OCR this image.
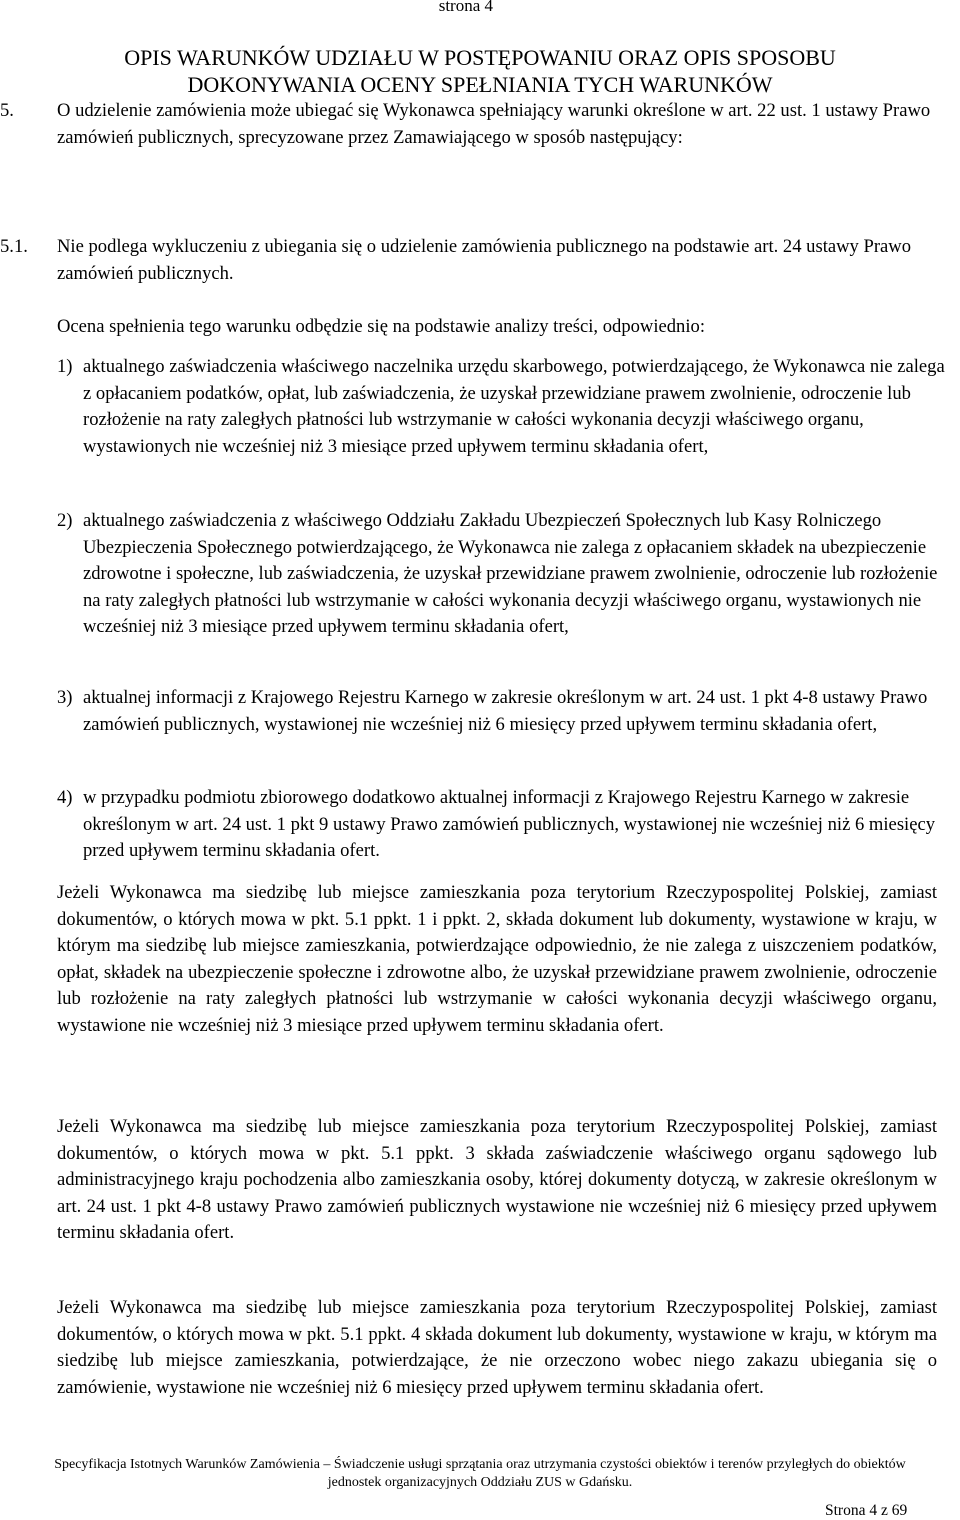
strona 4
OPIS WARUNKÓW UDZIAŁU W POSTĘPOWANIU ORAZ OPIS SPOSOBU
DOKONYWANIA OCENY SPEŁNIANIA TYCH WARUNKÓW
5.	O udzielenie zamówienia może ubiegać się Wykonawca spełniający warunki określone w art. 22 ust. 1 ustawy Prawo zamówień publicznych, sprecyzowane przez Zamawiającego w sposób następujący:
5.1.	Nie podlega wykluczeniu z ubiegania się o udzielenie zamówienia publicznego na podstawie art. 24 ustawy Prawo zamówień publicznych.
Ocena spełnienia tego warunku odbędzie się na podstawie analizy treści, odpowiednio:
1) aktualnego zaświadczenia właściwego naczelnika urzędu skarbowego, potwierdzającego, że Wykonawca nie zalega z opłacaniem podatków, opłat, lub zaświadczenia, że uzyskał przewidziane prawem zwolnienie, odroczenie lub rozłożenie na raty zaległych płatności lub wstrzymanie w całości wykonania decyzji właściwego organu, wystawionych nie wcześniej niż 3 miesiące przed upływem terminu składania ofert,
2) aktualnego zaświadczenia z właściwego Oddziału Zakładu Ubezpieczeń Społecznych lub Kasy Rolniczego Ubezpieczenia Społecznego potwierdzającego, że Wykonawca nie zalega z opłacaniem składek na ubezpieczenie zdrowotne i społeczne, lub zaświadczenia, że uzyskał przewidziane prawem zwolnienie, odroczenie lub rozłożenie na raty zaległych płatności lub wstrzymanie w całości wykonania decyzji właściwego organu, wystawionych nie wcześniej niż 3 miesiące przed upływem terminu składania ofert,
3) aktualnej informacji z Krajowego Rejestru Karnego w zakresie określonym w art. 24 ust. 1 pkt 4-8 ustawy Prawo zamówień publicznych, wystawionej nie wcześniej niż 6 miesięcy przed upływem terminu składania ofert,
4) w przypadku podmiotu zbiorowego dodatkowo aktualnej informacji z Krajowego Rejestru Karnego w zakresie określonym w art. 24 ust. 1 pkt 9 ustawy Prawo zamówień publicznych, wystawionej nie wcześniej niż 6 miesięcy przed upływem terminu składania ofert.
Jeżeli Wykonawca ma siedzibę lub miejsce zamieszkania poza terytorium Rzeczypospolitej Polskiej, zamiast dokumentów, o których mowa w pkt. 5.1 ppkt. 1 i ppkt. 2, składa dokument lub dokumenty, wystawione w kraju, w którym ma siedzibę lub miejsce zamieszkania, potwierdzające odpowiednio, że nie zalega z uiszczeniem podatków, opłat, składek na ubezpieczenie społeczne i zdrowotne albo, że uzyskał przewidziane prawem zwolnienie, odroczenie lub rozłożenie na raty zaległych płatności lub wstrzymanie w całości wykonania decyzji właściwego organu, wystawione nie wcześniej niż 3 miesiące przed upływem terminu składania ofert.
Jeżeli Wykonawca ma siedzibę lub miejsce zamieszkania poza terytorium Rzeczypospolitej Polskiej, zamiast dokumentów, o których mowa w pkt. 5.1 ppkt. 3 składa zaświadczenie właściwego organu sądowego lub administracyjnego kraju pochodzenia albo zamieszkania osoby, której dokumenty dotyczą, w zakresie określonym w art. 24 ust. 1 pkt 4-8 ustawy Prawo zamówień publicznych wystawione nie wcześniej niż 6 miesięcy przed upływem terminu składania ofert.
Jeżeli Wykonawca ma siedzibę lub miejsce zamieszkania poza terytorium Rzeczypospolitej Polskiej, zamiast dokumentów, o których mowa w pkt. 5.1 ppkt. 4 składa dokument lub dokumenty, wystawione w kraju, w którym ma siedzibę lub miejsce zamieszkania, potwierdzające, że nie orzeczono wobec niego zakazu ubiegania się o zamówienie, wystawione nie wcześniej niż 6 miesięcy przed upływem terminu składania ofert.
Specyfikacja Istotnych Warunków Zamówienia – Świadczenie usługi sprzątania oraz utrzymania czystości obiektów i terenów przyległych do obiektów
jednostek organizacyjnych Oddziału ZUS w Gdańsku.
Strona 4 z 69
